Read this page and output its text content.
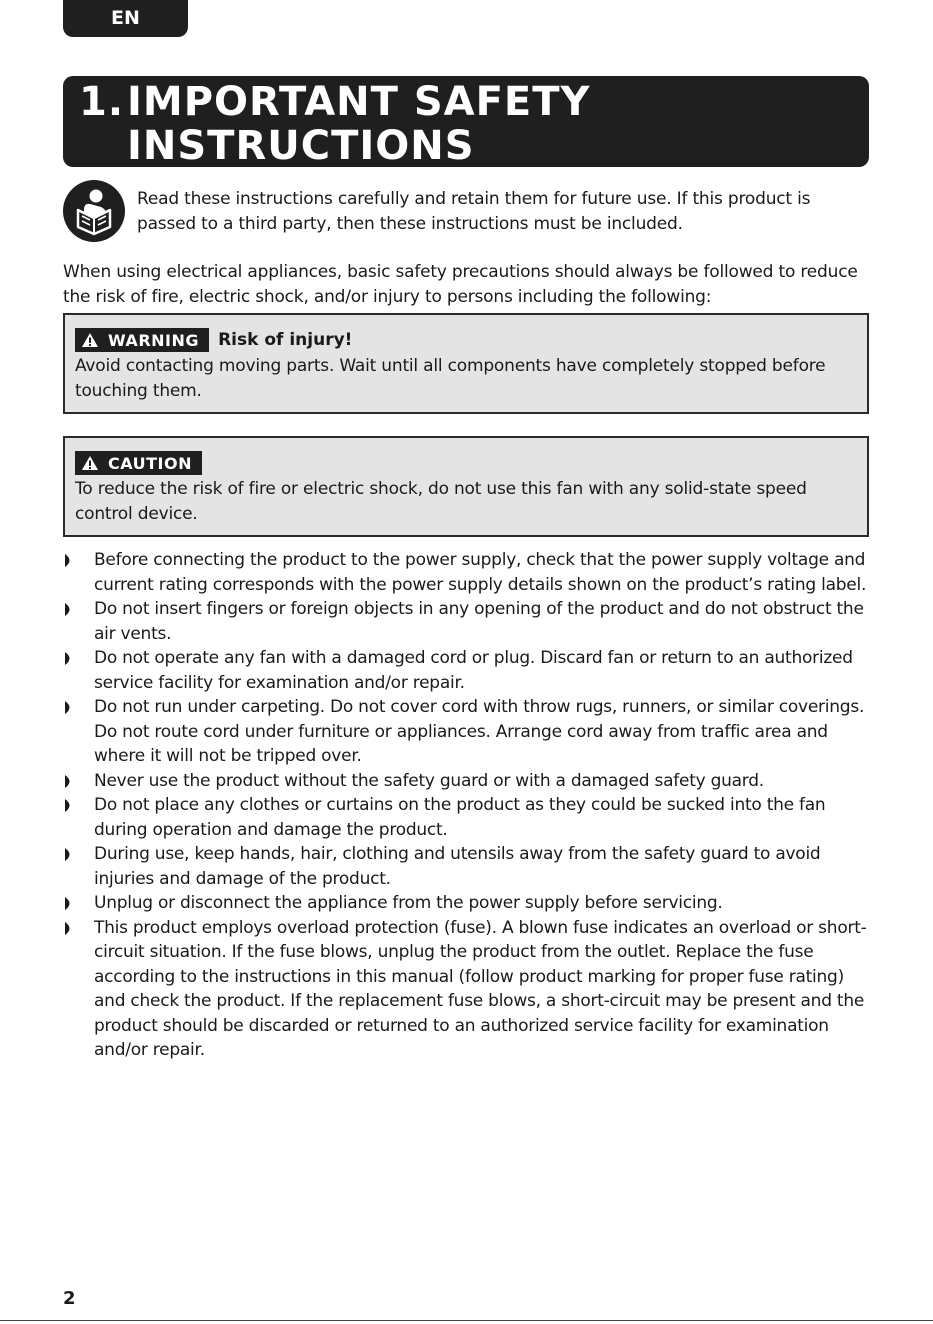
EN
1.IMPORTANT SAFETY
INSTRUCTIONS
Read these instructions carefully and retain them for future use. If this product is passed to a third party, then these instructions must be included.
When using electrical appliances, basic safety precautions should always be followed to reduce the risk of fire, electric shock, and/or injury to persons including the following:
WARNING Risk of injury!
Avoid contacting moving parts. Wait until all components have completely stopped before touching them.
CAUTION
To reduce the risk of fire or electric shock, do not use this fan with any solid-state speed control device.
Before connecting the product to the power supply, check that the power supply voltage and current rating corresponds with the power supply details shown on the product’s rating label.
Do not insert fingers or foreign objects in any opening of the product and do not obstruct the air vents.
Do not operate any fan with a damaged cord or plug. Discard fan or return to an authorized service facility for examination and/or repair.
Do not run under carpeting. Do not cover cord with throw rugs, runners, or similar coverings. Do not route cord under furniture or appliances. Arrange cord away from traffic area and where it will not be tripped over.
Never use the product without the safety guard or with a damaged safety guard.
Do not place any clothes or curtains on the product as they could be sucked into the fan during operation and damage the product.
During use, keep hands, hair, clothing and utensils away from the safety guard to avoid injuries and damage of the product.
Unplug or disconnect the appliance from the power supply before servicing.
This product employs overload protection (fuse). A blown fuse indicates an overload or short-circuit situation. If the fuse blows, unplug the product from the outlet. Replace the fuse according to the instructions in this manual (follow product marking for proper fuse rating) and check the product. If the replacement fuse blows, a short-circuit may be present and the product should be discarded or returned to an authorized service facility for examination and/or repair.
2
